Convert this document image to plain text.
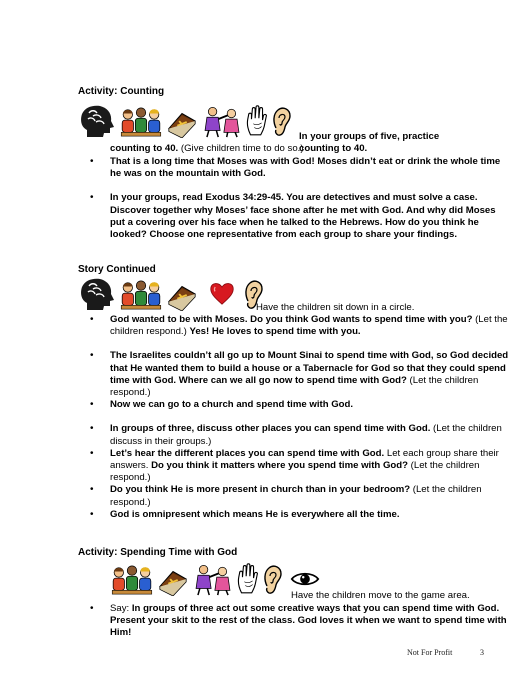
Activity: Counting
In your groups of five, practice counting to 40.
counting to 40. (Give children time to do so.)
• That is a long time that Moses was with God! Moses didn’t eat or drink the whole time he was on the mountain with God.
• In your groups, read Exodus 34:29-45. You are detectives and must solve a case. Discover together why Moses’ face shone after he met with God. And why did Moses put a covering over his face when he talked to the Hebrews. How do you think he looked? Choose one representative from each group to share your findings.
Story Continued
Have the children sit down in a circle.
• God wanted to be with Moses. Do you think God wants to spend time with you? (Let the children respond.) Yes! He loves to spend time with you.
• The Israelites couldn’t all go up to Mount Sinai to spend time with God, so God decided that He wanted them to build a house or a Tabernacle for God so that they could spend time with God. Where can we all go now to spend time with God? (Let the children respond.)
• Now we can go to a church and spend time with God.
• In groups of three, discuss other places you can spend time with God. (Let the children discuss in their groups.)
• Let’s hear the different places you can spend time with God. Let each group share their answers. Do you think it matters where you spend time with God? (Let the children respond.)
• Do you think He is more present in church than in your bedroom? (Let the children respond.)
• God is omnipresent which means He is everywhere all the time.
Activity: Spending Time with God
Have the children move to the game area.
• Say: In groups of three act out some creative ways that you can spend time with God. Present your skit to the rest of the class. God loves it when we want to spend time with Him!
Not For Profit	3
